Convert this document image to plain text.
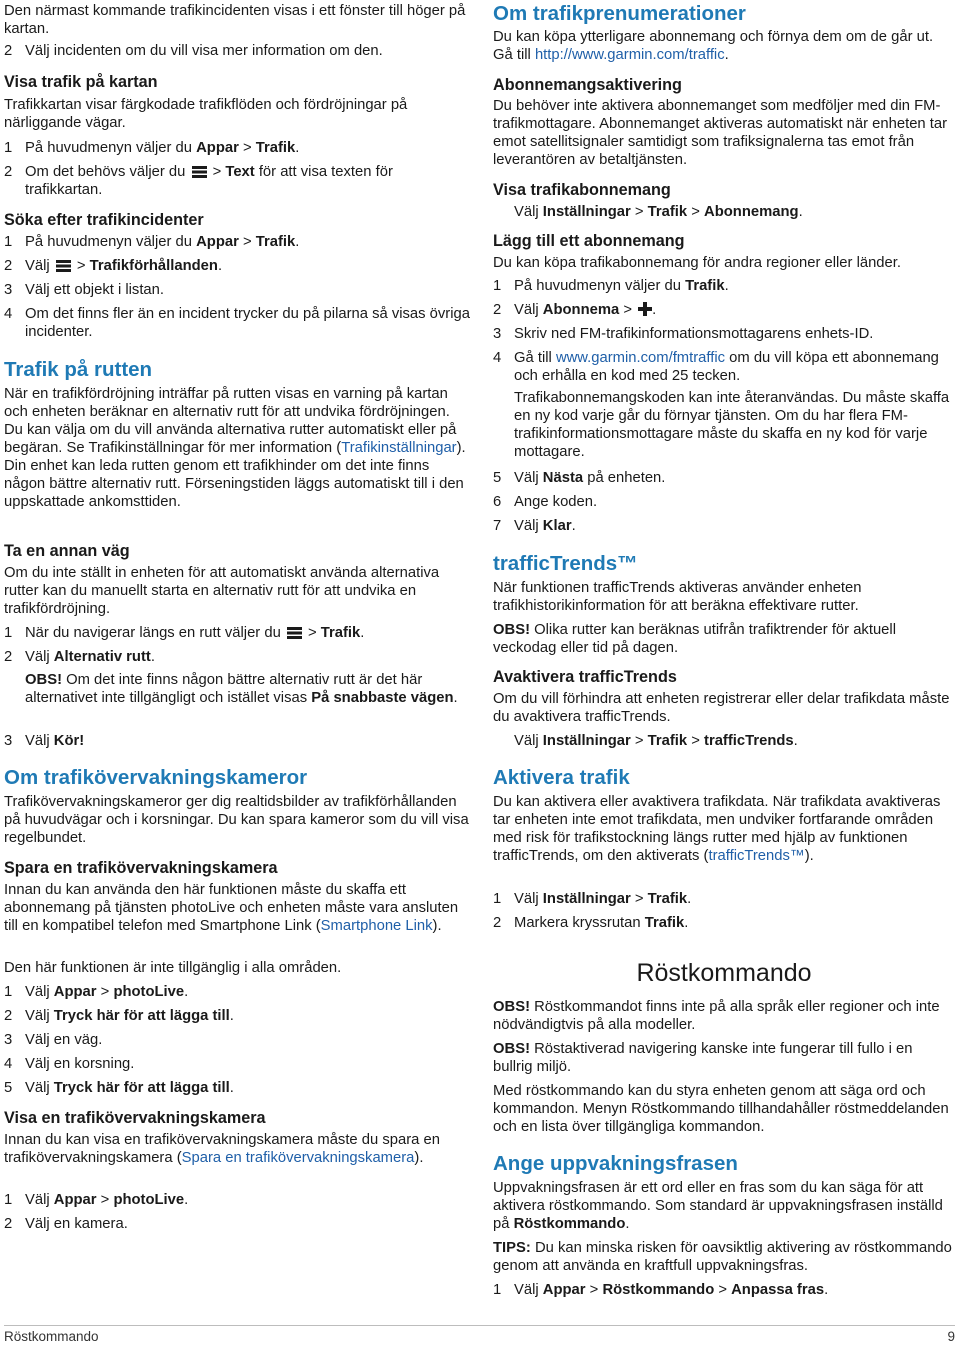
Den närmast kommande trafikincidenten visas i ett fönster till höger på kartan.

2 Välj incidenten om du vill visa mer information om den.
Visa trafik på kartan

Trafikkartan visar färgkodade trafikflöden och fördröjningar på närliggande vägar.

1 På huvudmenyn väljer du Appar > Trafik.
2 Om det behövs väljer du  > Text för att visa texten för trafikkartan.
Söka efter trafikincidenter
1 På huvudmenyn väljer du Appar > Trafik.
2 Välj  > Trafikförhållanden.
3 Välj ett objekt i listan.
4 Om det finns fler än en incident trycker du på pilarna så visas övriga incidenter.
Trafik på rutten

När en trafikfördröjning inträffar på rutten visas en varning på kartan och enheten beräknar en alternativ rutt för att undvika fördröjningen. Du kan välja om du vill använda alternativa rutter automatiskt eller på begäran. Se Trafikinställningar för mer information (Trafikinställningar). Din enhet kan leda rutten genom ett trafikhinder om det inte finns någon bättre alternativ rutt. Förseningstiden läggs automatiskt till i den uppskattade ankomsttiden.

Ta en annan väg

Om du inte ställt in enheten för att automatiskt använda alternativa rutter kan du manuellt starta en alternativ rutt för att undvika en trafikfördröjning.

1 När du navigerar längs en rutt väljer du  > Trafik.
2 Välj Alternativ rutt.
OBS! Om det inte finns någon bättre alternativ rutt är det här alternativet inte tillgängligt och istället visas På snabbaste vägen.
3 Välj Kör!
Om trafikövervakningskameror

Trafikövervakningskameror ger dig realtidsbilder av trafikförhållanden på huvudvägar och i korsningar. Du kan spara kameror som du vill visa regelbundet.

Spara en trafikövervakningskamera

Innan du kan använda den här funktionen måste du skaffa ett abonnemang på tjänsten photoLive och enheten måste vara ansluten till en kompatibel telefon med Smartphone Link (Smartphone Link).

Den här funktionen är inte tillgänglig i alla områden.

1 Välj Appar > photoLive.
2 Välj Tryck här för att lägga till.
3 Välj en väg.
4 Välj en korsning.
5 Välj Tryck här för att lägga till.
Visa en trafikövervakningskamera

Innan du kan visa en trafikövervakningskamera måste du spara en trafikövervakningskamera (Spara en trafikövervakningskamera).

1 Välj Appar > photoLive.
2 Välj en kamera.
Om trafikprenumerationer

Du kan köpa ytterligare abonnemang och förnya dem om de går ut. Gå till http://www.garmin.com/traffic.

Abonnemangsaktivering

Du behöver inte aktivera abonnemanget som medföljer med din FM-trafikmottagare. Abonnemanget aktiveras automatiskt när enheten tar emot satellitsignaler samtidigt som trafiksignalerna tas emot från leverantören av betaltjänsten.

Visa trafikabonnemang
Välj Inställningar > Trafik > Abonnemang.
Lägg till ett abonnemang

Du kan köpa trafikabonnemang för andra regioner eller länder.

1 På huvudmenyn väljer du Trafik.
2 Välj Abonnema > .
3 Skriv ned FM-trafikinformationsmottagarens enhets-ID.
4 Gå till www.garmin.com/fmtraffic om du vill köpa ett abonnemang och erhålla en kod med 25 tecken.
Trafikabonnemangskoden kan inte återanvändas. Du måste skaffa en ny kod varje går du förnyar tjänsten. Om du har flera FM-trafikinformationsmottagare måste du skaffa en ny kod för varje mottagare.
5 Välj Nästa på enheten.
6 Ange koden.
7 Välj Klar.
trafficTrends™

När funktionen trafficTrends aktiveras använder enheten trafikhistorikinformation för att beräkna effektivare rutter.

OBS! Olika rutter kan beräknas utifrån trafiktrender för aktuell veckodag eller tid på dagen.

Avaktivera trafficTrends

Om du vill förhindra att enheten registrerar eller delar trafikdata måste du avaktivera trafficTrends.

Välj Inställningar > Trafik > trafficTrends.
Aktivera trafik

Du kan aktivera eller avaktivera trafikdata. När trafikdata avaktiveras tar enheten inte emot trafikdata, men undviker fortfarande områden med risk för trafikstockning längs rutter med hjälp av funktionen trafficTrends, om den aktiverats (trafficTrends™).

1 Välj Inställningar > Trafik.
2 Markera kryssrutan Trafik.
Röstkommando

OBS! Röstkommandot finns inte på alla språk eller regioner och inte nödvändigtvis på alla modeller.

OBS! Röstaktiverad navigering kanske inte fungerar till fullo i en bullrig miljö.

Med röstkommando kan du styra enheten genom att säga ord och kommandon. Menyn Röstkommando tillhandahåller röstmeddelanden och en lista över tillgängliga kommandon.

Ange uppvakningsfrasen

Uppvakningsfrasen är ett ord eller en fras som du kan säga för att aktivera röstkommando. Som standard är uppvakningsfrasen inställd på Röstkommando.

TIPS: Du kan minska risken för oavsiktlig aktivering av röstkommando genom att använda en kraftfull uppvakningsfras.

1 Välj Appar > Röstkommando > Anpassa fras.
Röstkommando	9
